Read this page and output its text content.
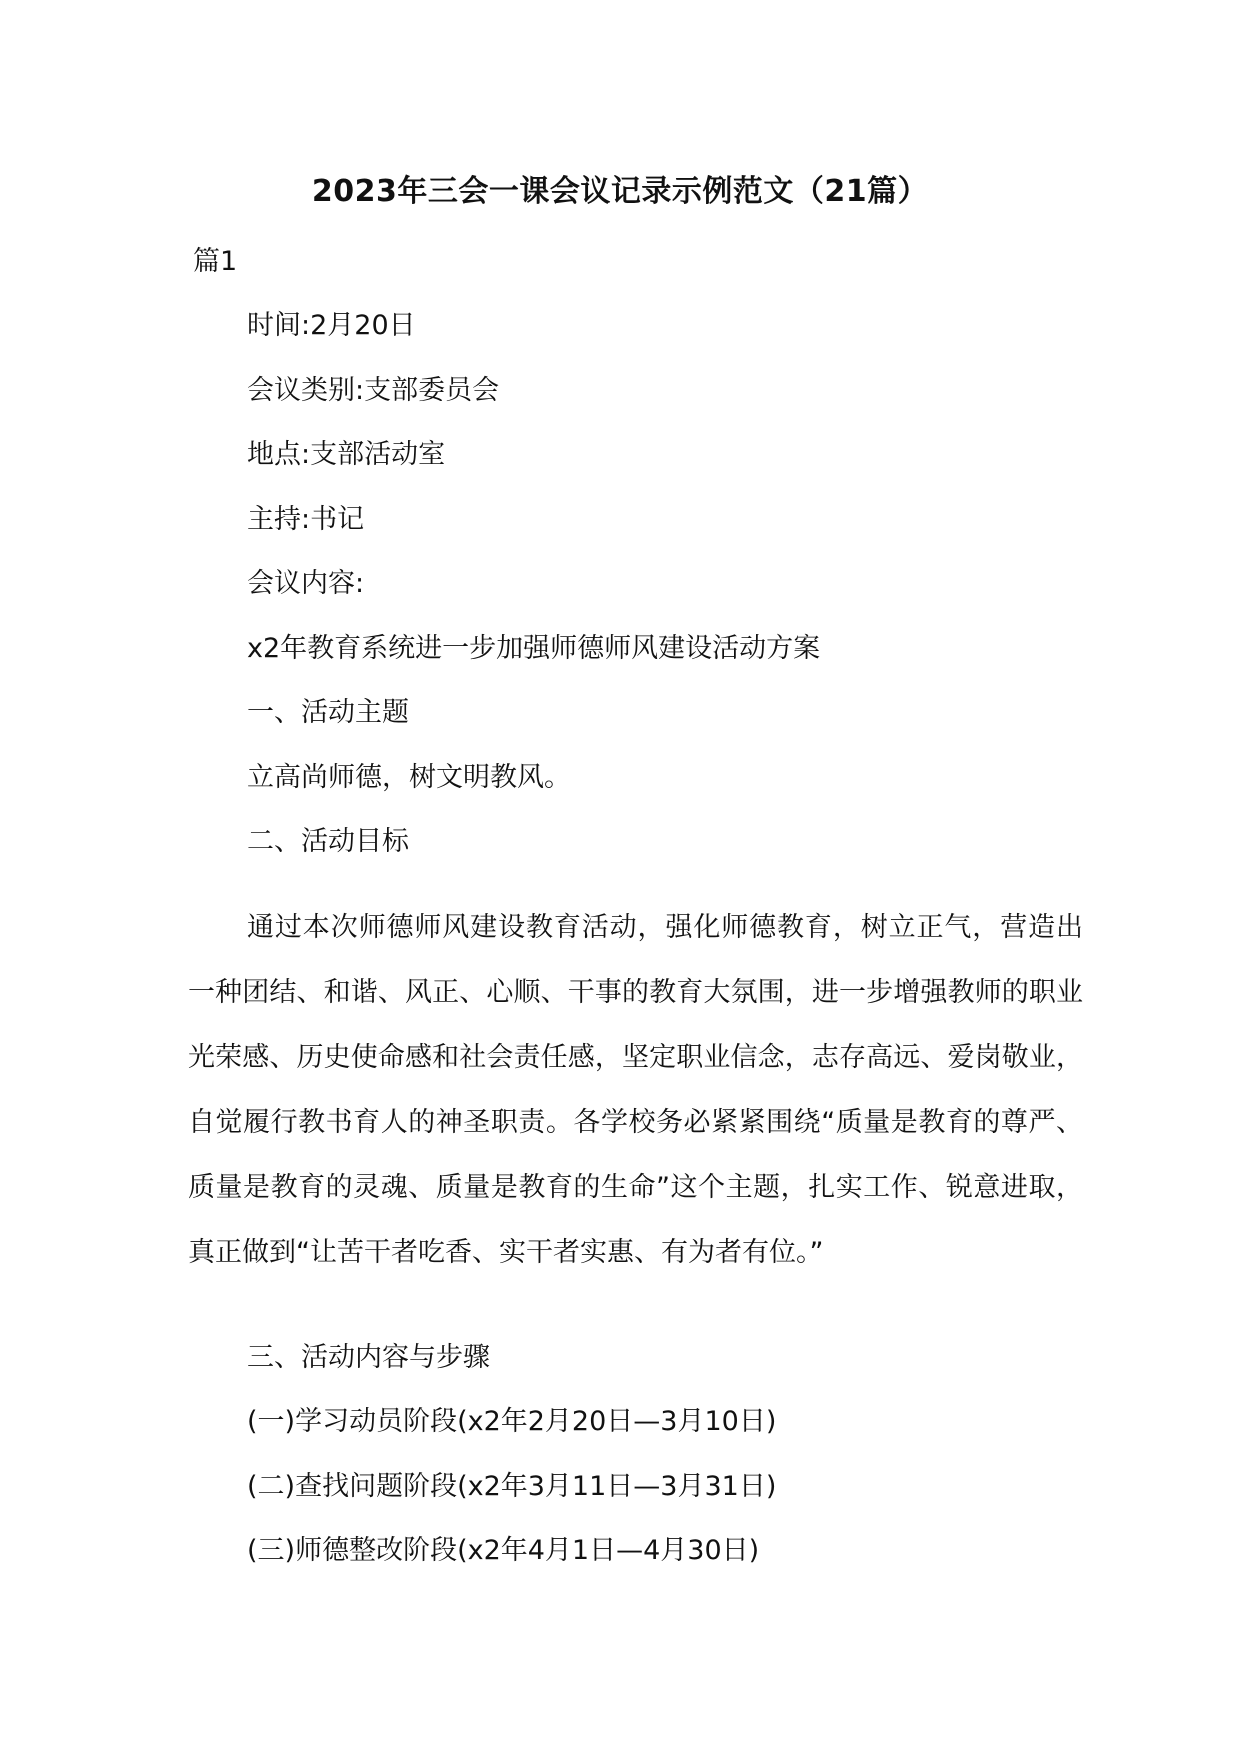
2023年三会一课会议记录示例范文（21篇）
篇1
时间:2月20日
会议类别:支部委员会
地点:支部活动室
主持:书记
会议内容:
x2年教育系统进一步加强师德师风建设活动方案
一、活动主题
立高尚师德，树文明教风。
二、活动目标
通过本次师德师风建设教育活动，强化师德教育，树立正气，营造出一种团结、和谐、风正、心顺、干事的教育大氛围，进一步增强教师的职业光荣感、历史使命感和社会责任感，坚定职业信念，志存高远、爱岗敬业，自觉履行教书育人的神圣职责。各学校务必紧紧围绕“质量是教育的尊严、质量是教育的灵魂、质量是教育的生命”这个主题，扎实工作、锐意进取，真正做到“让苦干者吃香、实干者实惠、有为者有位。”
三、活动内容与步骤
(一)学习动员阶段(x2年2月20日—3月10日)
(二)查找问题阶段(x2年3月11日—3月31日)
(三)师德整改阶段(x2年4月1日—4月30日)
